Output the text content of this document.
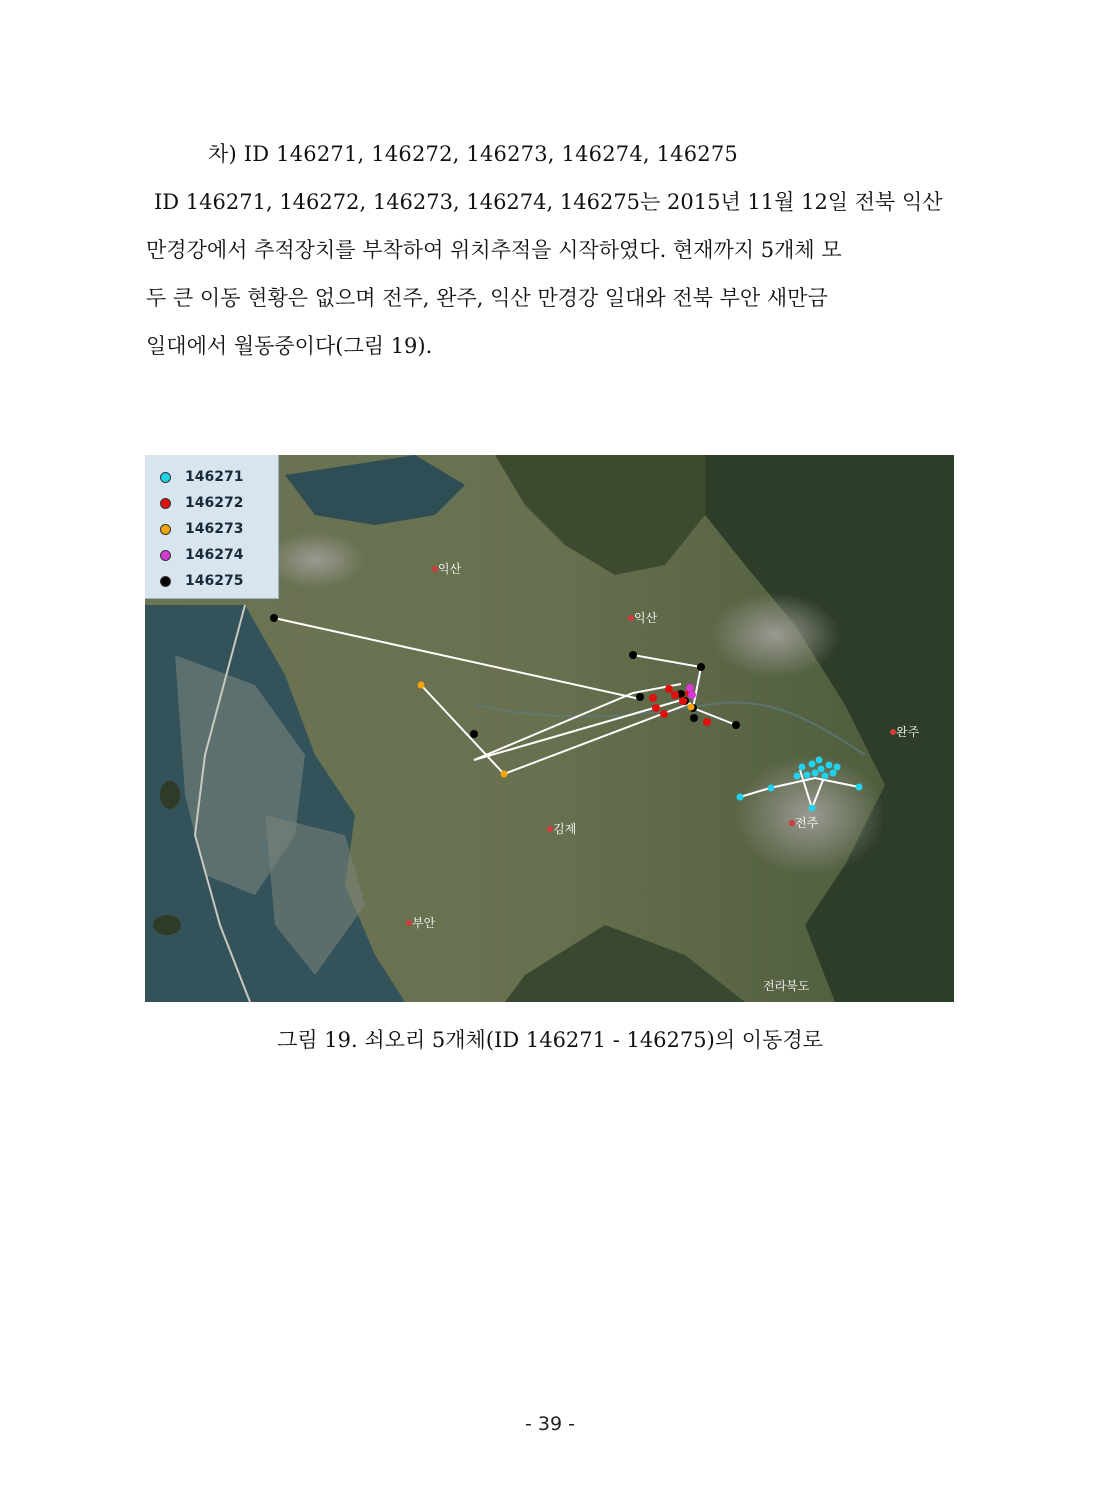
차) ID 146271, 146272, 146273, 146274, 146275

ID 146271, 146272, 146273, 146274, 146275는 2015년 11월 12일 전북 익산

만경강에서 추적장치를 부착하여 위치추적을 시작하였다. 현재까지 5개체 모

두 큰 이동 현황은 없으며 전주, 완주, 익산 만경강 일대와 전북 부안 새만금

일대에서 월동중이다(그림 19).

익산
익산
완주
김제	전주
부안
전라북도
146271
146272
146273
146274
146275
그림 19. 쇠오리 5개체(ID 146271 - 146275)의 이동경로
- 39 -
